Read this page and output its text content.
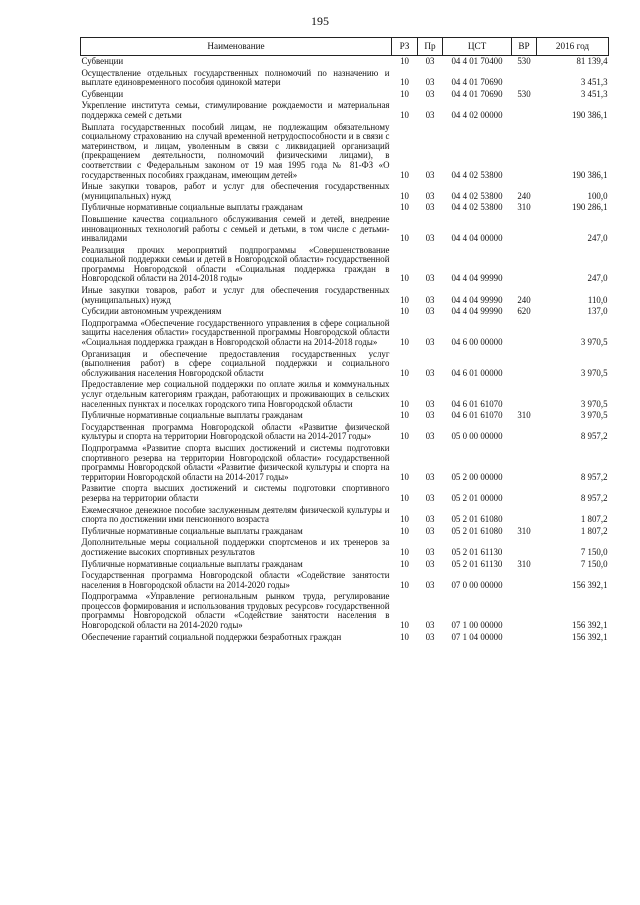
195
Наименование	РЗ	Пр	ЦСТ	ВР	2016 год
Субвенции	10	03	04 4 01 70400	530	81 139,4
Осуществление отдельных государственных полномочий по назначению и выплате единовременного пособия одинокой матери	10	03	04 4 01 70690		3 451,3
Субвенции	10	03	04 4 01 70690	530	3 451,3
Укрепление института семьи, стимулирование рождаемости и материальная поддержка семей с детьми	10	03	04 4 02 00000		190 386,1
Выплата государственных пособий лицам, не подлежащим обязательному социальному страхованию на случай временной нетрудоспособности и в связи с материнством, и лицам, уволенным в связи с ликвидацией организаций (прекращением деятельности, полномочий физическими лицами), в соответствии с Федеральным законом от 19 мая 1995 года № 81-ФЗ «О государственных пособиях гражданам, имеющим детей»	10	03	04 4 02 53800		190 386,1
Иные закупки товаров, работ и услуг для обеспечения государственных (муниципальных) нужд	10	03	04 4 02 53800	240	100,0
Публичные нормативные социальные выплаты гражданам	10	03	04 4 02 53800	310	190 286,1
Повышение качества социального обслуживания семей и детей, внедрение инновационных технологий работы с семьей и детьми, в том числе с детьми-инвалидами	10	03	04 4 04 00000		247,0
Реализация прочих мероприятий подпрограммы «Совершенствование социальной поддержки семьи и детей в Новгородской области» государственной программы Новгородской области «Социальная поддержка граждан в Новгородской области на 2014-2018 годы»	10	03	04 4 04 99990		247,0
Иные закупки товаров, работ и услуг для обеспечения государственных (муниципальных) нужд	10	03	04 4 04 99990	240	110,0
Субсидии автономным учреждениям	10	03	04 4 04 99990	620	137,0
Подпрограмма «Обеспечение государственного управления в сфере социальной защиты населения области» государственной программы Новгородской области «Социальная поддержка граждан в Новгородской области на 2014-2018 годы»	10	03	04 6 00 00000		3 970,5
Организация и обеспечение предоставления государственных услуг (выполнения работ) в сфере социальной поддержки и социального обслуживания населения Новгородской области	10	03	04 6 01 00000		3 970,5
Предоставление мер социальной поддержки по оплате жилья и коммунальных услуг отдельным категориям граждан, работающих и проживающих в сельских населенных пунктах и поселках городского типа Новгородской области	10	03	04 6 01 61070		3 970,5
Публичные нормативные социальные выплаты гражданам	10	03	04 6 01 61070	310	3 970,5
Государственная программа Новгородской области «Развитие физической культуры и спорта на территории Новгородской области на 2014-2017 годы»	10	03	05 0 00 00000		8 957,2
Подпрограмма «Развитие спорта высших достижений и системы подготовки спортивного резерва на территории Новгородской области» государственной программы Новгородской области «Развитие физической культуры и спорта на территории Новгородской области на 2014-2017 годы»	10	03	05 2 00 00000		8 957,2
Развитие спорта высших достижений и системы подготовки спортивного резерва на территории области	10	03	05 2 01 00000		8 957,2
Ежемесячное денежное пособие заслуженным деятелям физической культуры и спорта по достижении ими пенсионного возраста	10	03	05 2 01 61080		1 807,2
Публичные нормативные социальные выплаты гражданам	10	03	05 2 01 61080	310	1 807,2
Дополнительные меры социальной поддержки спортсменов и их тренеров за достижение высоких спортивных результатов	10	03	05 2 01 61130		7 150,0
Публичные нормативные социальные выплаты гражданам	10	03	05 2 01 61130	310	7 150,0
Государственная программа Новгородской области «Содействие занятости населения в Новгородской области на 2014-2020 годы»	10	03	07 0 00 00000		156 392,1
Подпрограмма «Управление региональным рынком труда, регулирование процессов формирования и использования трудовых ресурсов» государственной программы Новгородской области «Содействие занятости населения в Новгородской области на 2014-2020 годы»	10	03	07 1 00 00000		156 392,1
Обеспечение гарантий социальной поддержки безработных граждан	10	03	07 1 04 00000		156 392,1
